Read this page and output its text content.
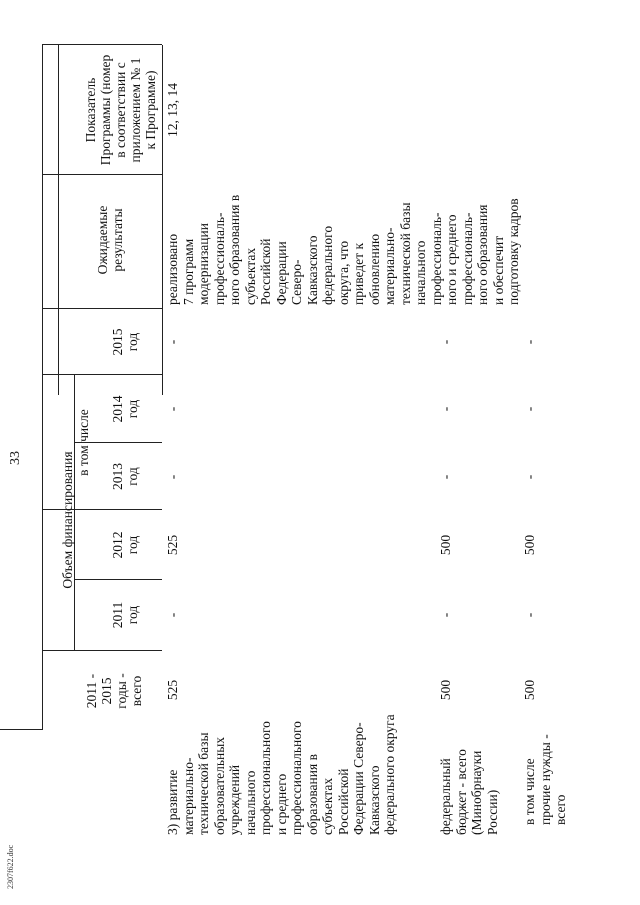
33
2307f622.doc
Объем финансирования
в том числе
2011 - 2015 годы - всего
2011 год
2012 год
2013 год
2014 год
2015 год
Ожидаемые результаты
Показатель Программы (номер в соответствии с приложением № 1 к Программе)
3) развитие материально- технической базы образовательных учреждений начального профессионального и среднего профессионального образования в субъектах Российской Федерации Северо- Кавказского федерального округа
525
-
525
-
-
-
реализовано 7 программ модернизации профессиональ- ного образования в субъектах Российской Федерации Северо- Кавказского федерального округа, что приведет к обновлению материально- технической базы начального профессиональ- ного и среднего профессиональ- ного образования и обеспечит подготовку кадров
12, 13, 14
федеральный бюджет - всего (Минобрнауки России)
500
-
500
-
-
-
в том числе прочие нужды - всего
500
-
500
-
-
-
